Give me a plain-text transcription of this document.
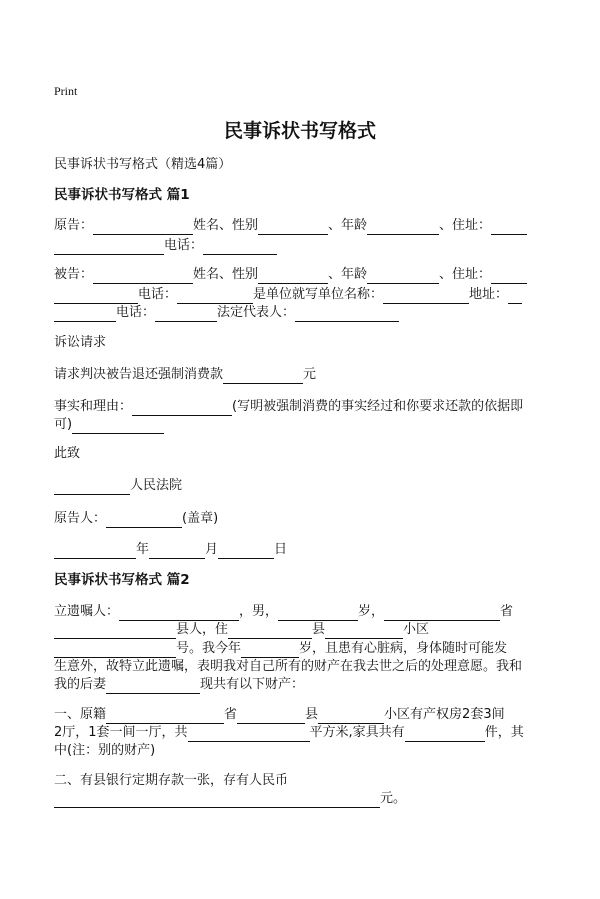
Print
民事诉状书写格式
民事诉状书写格式（精选4篇）
民事诉状书写格式 篇1
原告：	姓名、性别	、年龄	、住址：
电话：
被告：	姓名、性别	、年龄	、住址：
电话：	是单位就写单位名称：	地址：
电话：	法定代表人：
诉讼请求
请求判决被告退还强制消费款	元
事实和理由：	(写明被强制消费的事实经过和你要求还款的依据即
可)
此致
人民法院
原告人：	(盖章)
年	月	日
民事诉状书写格式 篇2
立遗嘱人：	，男，	岁，	省
县人，住	县	小区
号。我今年	岁，且患有心脏病，身体随时可能发
生意外，故特立此遗嘱，表明我对自己所有的财产在我去世之后的处理意愿。我和
我的后妻	现共有以下财产：
一、原籍	省	县	小区有产权房2套3间
2厅，1套一间一厅，共	平方米,家具共有	件，其
中(注：别的财产)
二、有县银行定期存款一张，存有人民币
元。
